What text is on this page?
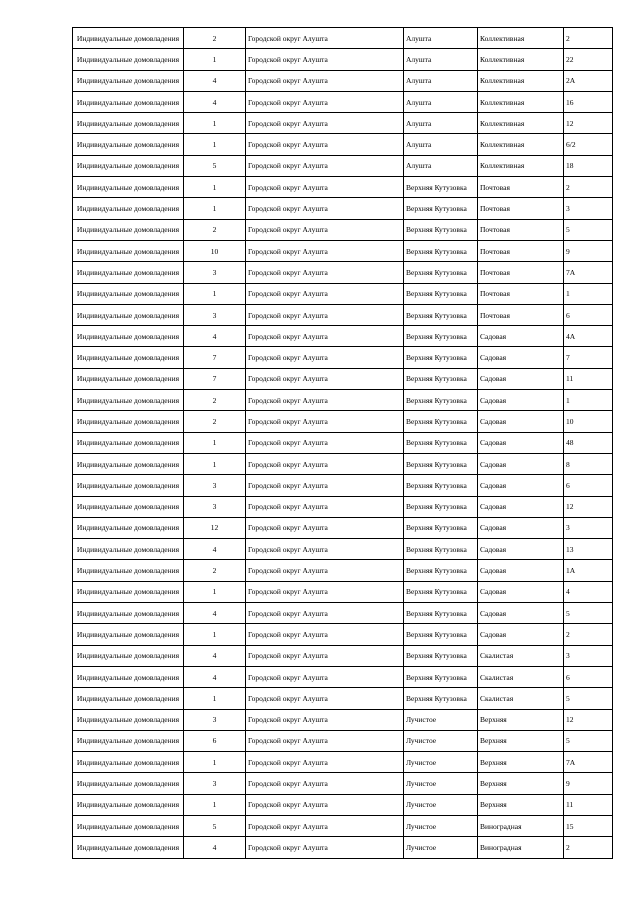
Индивидуальные домовладения	2	Городской округ Алушта	Алушта	Коллективная	2
Индивидуальные домовладения	1	Городской округ Алушта	Алушта	Коллективная	22
Индивидуальные домовладения	4	Городской округ Алушта	Алушта	Коллективная	2А
Индивидуальные домовладения	4	Городской округ Алушта	Алушта	Коллективная	16
Индивидуальные домовладения	1	Городской округ Алушта	Алушта	Коллективная	12
Индивидуальные домовладения	1	Городской округ Алушта	Алушта	Коллективная	6/2
Индивидуальные домовладения	5	Городской округ Алушта	Алушта	Коллективная	18
Индивидуальные домовладения	1	Городской округ Алушта	Верхняя Кутузовка	Почтовая	2
Индивидуальные домовладения	1	Городской округ Алушта	Верхняя Кутузовка	Почтовая	3
Индивидуальные домовладения	2	Городской округ Алушта	Верхняя Кутузовка	Почтовая	5
Индивидуальные домовладения	10	Городской округ Алушта	Верхняя Кутузовка	Почтовая	9
Индивидуальные домовладения	3	Городской округ Алушта	Верхняя Кутузовка	Почтовая	7А
Индивидуальные домовладения	1	Городской округ Алушта	Верхняя Кутузовка	Почтовая	1
Индивидуальные домовладения	3	Городской округ Алушта	Верхняя Кутузовка	Почтовая	6
Индивидуальные домовладения	4	Городской округ Алушта	Верхняя Кутузовка	Садовая	4А
Индивидуальные домовладения	7	Городской округ Алушта	Верхняя Кутузовка	Садовая	7
Индивидуальные домовладения	7	Городской округ Алушта	Верхняя Кутузовка	Садовая	11
Индивидуальные домовладения	2	Городской округ Алушта	Верхняя Кутузовка	Садовая	1
Индивидуальные домовладения	2	Городской округ Алушта	Верхняя Кутузовка	Садовая	10
Индивидуальные домовладения	1	Городской округ Алушта	Верхняя Кутузовка	Садовая	48
Индивидуальные домовладения	1	Городской округ Алушта	Верхняя Кутузовка	Садовая	8
Индивидуальные домовладения	3	Городской округ Алушта	Верхняя Кутузовка	Садовая	6
Индивидуальные домовладения	3	Городской округ Алушта	Верхняя Кутузовка	Садовая	12
Индивидуальные домовладения	12	Городской округ Алушта	Верхняя Кутузовка	Садовая	3
Индивидуальные домовладения	4	Городской округ Алушта	Верхняя Кутузовка	Садовая	13
Индивидуальные домовладения	2	Городской округ Алушта	Верхняя Кутузовка	Садовая	1А
Индивидуальные домовладения	1	Городской округ Алушта	Верхняя Кутузовка	Садовая	4
Индивидуальные домовладения	4	Городской округ Алушта	Верхняя Кутузовка	Садовая	5
Индивидуальные домовладения	1	Городской округ Алушта	Верхняя Кутузовка	Садовая	2
Индивидуальные домовладения	4	Городской округ Алушта	Верхняя Кутузовка	Скалистая	3
Индивидуальные домовладения	4	Городской округ Алушта	Верхняя Кутузовка	Скалистая	6
Индивидуальные домовладения	1	Городской округ Алушта	Верхняя Кутузовка	Скалистая	5
Индивидуальные домовладения	3	Городской округ Алушта	Лучистое	Верхняя	12
Индивидуальные домовладения	6	Городской округ Алушта	Лучистое	Верхняя	5
Индивидуальные домовладения	1	Городской округ Алушта	Лучистое	Верхняя	7А
Индивидуальные домовладения	3	Городской округ Алушта	Лучистое	Верхняя	9
Индивидуальные домовладения	1	Городской округ Алушта	Лучистое	Верхняя	11
Индивидуальные домовладения	5	Городской округ Алушта	Лучистое	Виноградная	15
Индивидуальные домовладения	4	Городской округ Алушта	Лучистое	Виноградная	2
